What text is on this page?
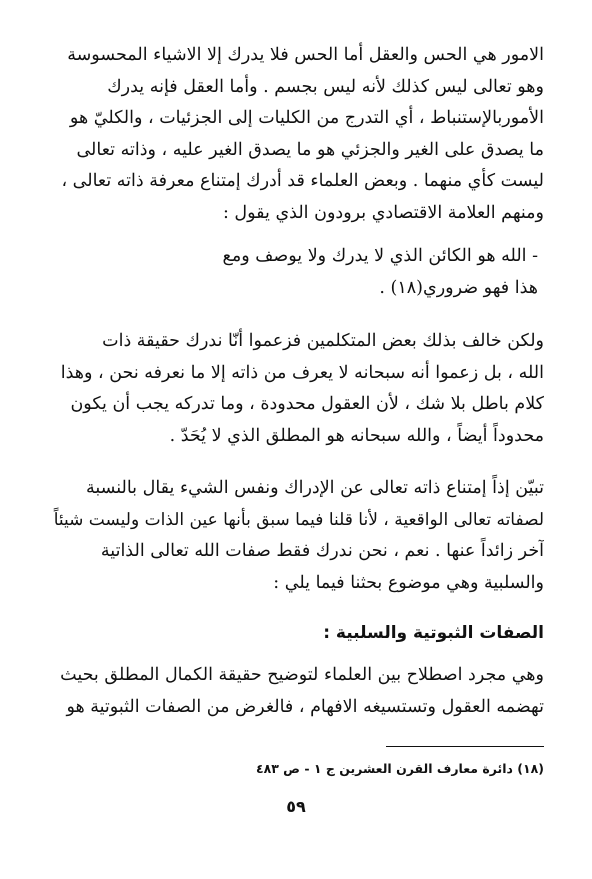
الامور هي الحس والعقل أما الحس فلا يدرك إلا الاشياء المحسوسة
وهو تعالى ليس كذلك لأنه ليس بجسم . وأما العقل فإنه يدرك
الأموربالإستنباط ، أي التدرج من الكليات إلى الجزئيات ، والكليّ هو
ما يصدق على الغير والجزئي هو ما يصدق الغير عليه ، وذاته تعالى
ليست كأي منهما . وبعض العلماء قد أدرك إمتناع معرفة ذاته تعالى ،
ومنهم العلامة الاقتصادي برودون الذي يقول :
- الله هو الكائن الذي لا يدرك ولا يوصف ومع
هذا فهو ضروري(١٨) .
ولكن خالف بذلك بعض المتكلمين فزعموا أنّا ندرك حقيقة ذات
الله ، بل زعموا أنه سبحانه لا يعرف من ذاته إلا ما نعرفه نحن ، وهذا
كلام باطل بلا شك ، لأن العقول محدودة ، وما تدركه يجب أن يكون
محدوداً أيضاً ، والله سبحانه هو المطلق الذي لا يُحَدّ .
تبيّن إذاً إمتناع ذاته تعالى عن الإدراك ونفس الشيء يقال بالنسبة
لصفاته تعالى الواقعية ، لأنا قلنا فيما سبق بأنها عين الذات وليست شيئاً
آخر زائداً عنها . نعم ، نحن ندرك فقط صفات الله تعالى الذاتية
والسلبية وهي موضوع بحثنا فيما يلي :
الصفات الثبوتية والسلبية :
وهي مجرد اصطلاح بين العلماء لتوضيح حقيقة الكمال المطلق بحيث
تهضمه العقول وتستسيغه الافهام ، فالغرض من الصفات الثبوتية هو
(١٨) دائرة معارف القرن العشرين ج ١ - ص ٤٨٣
٥٩
